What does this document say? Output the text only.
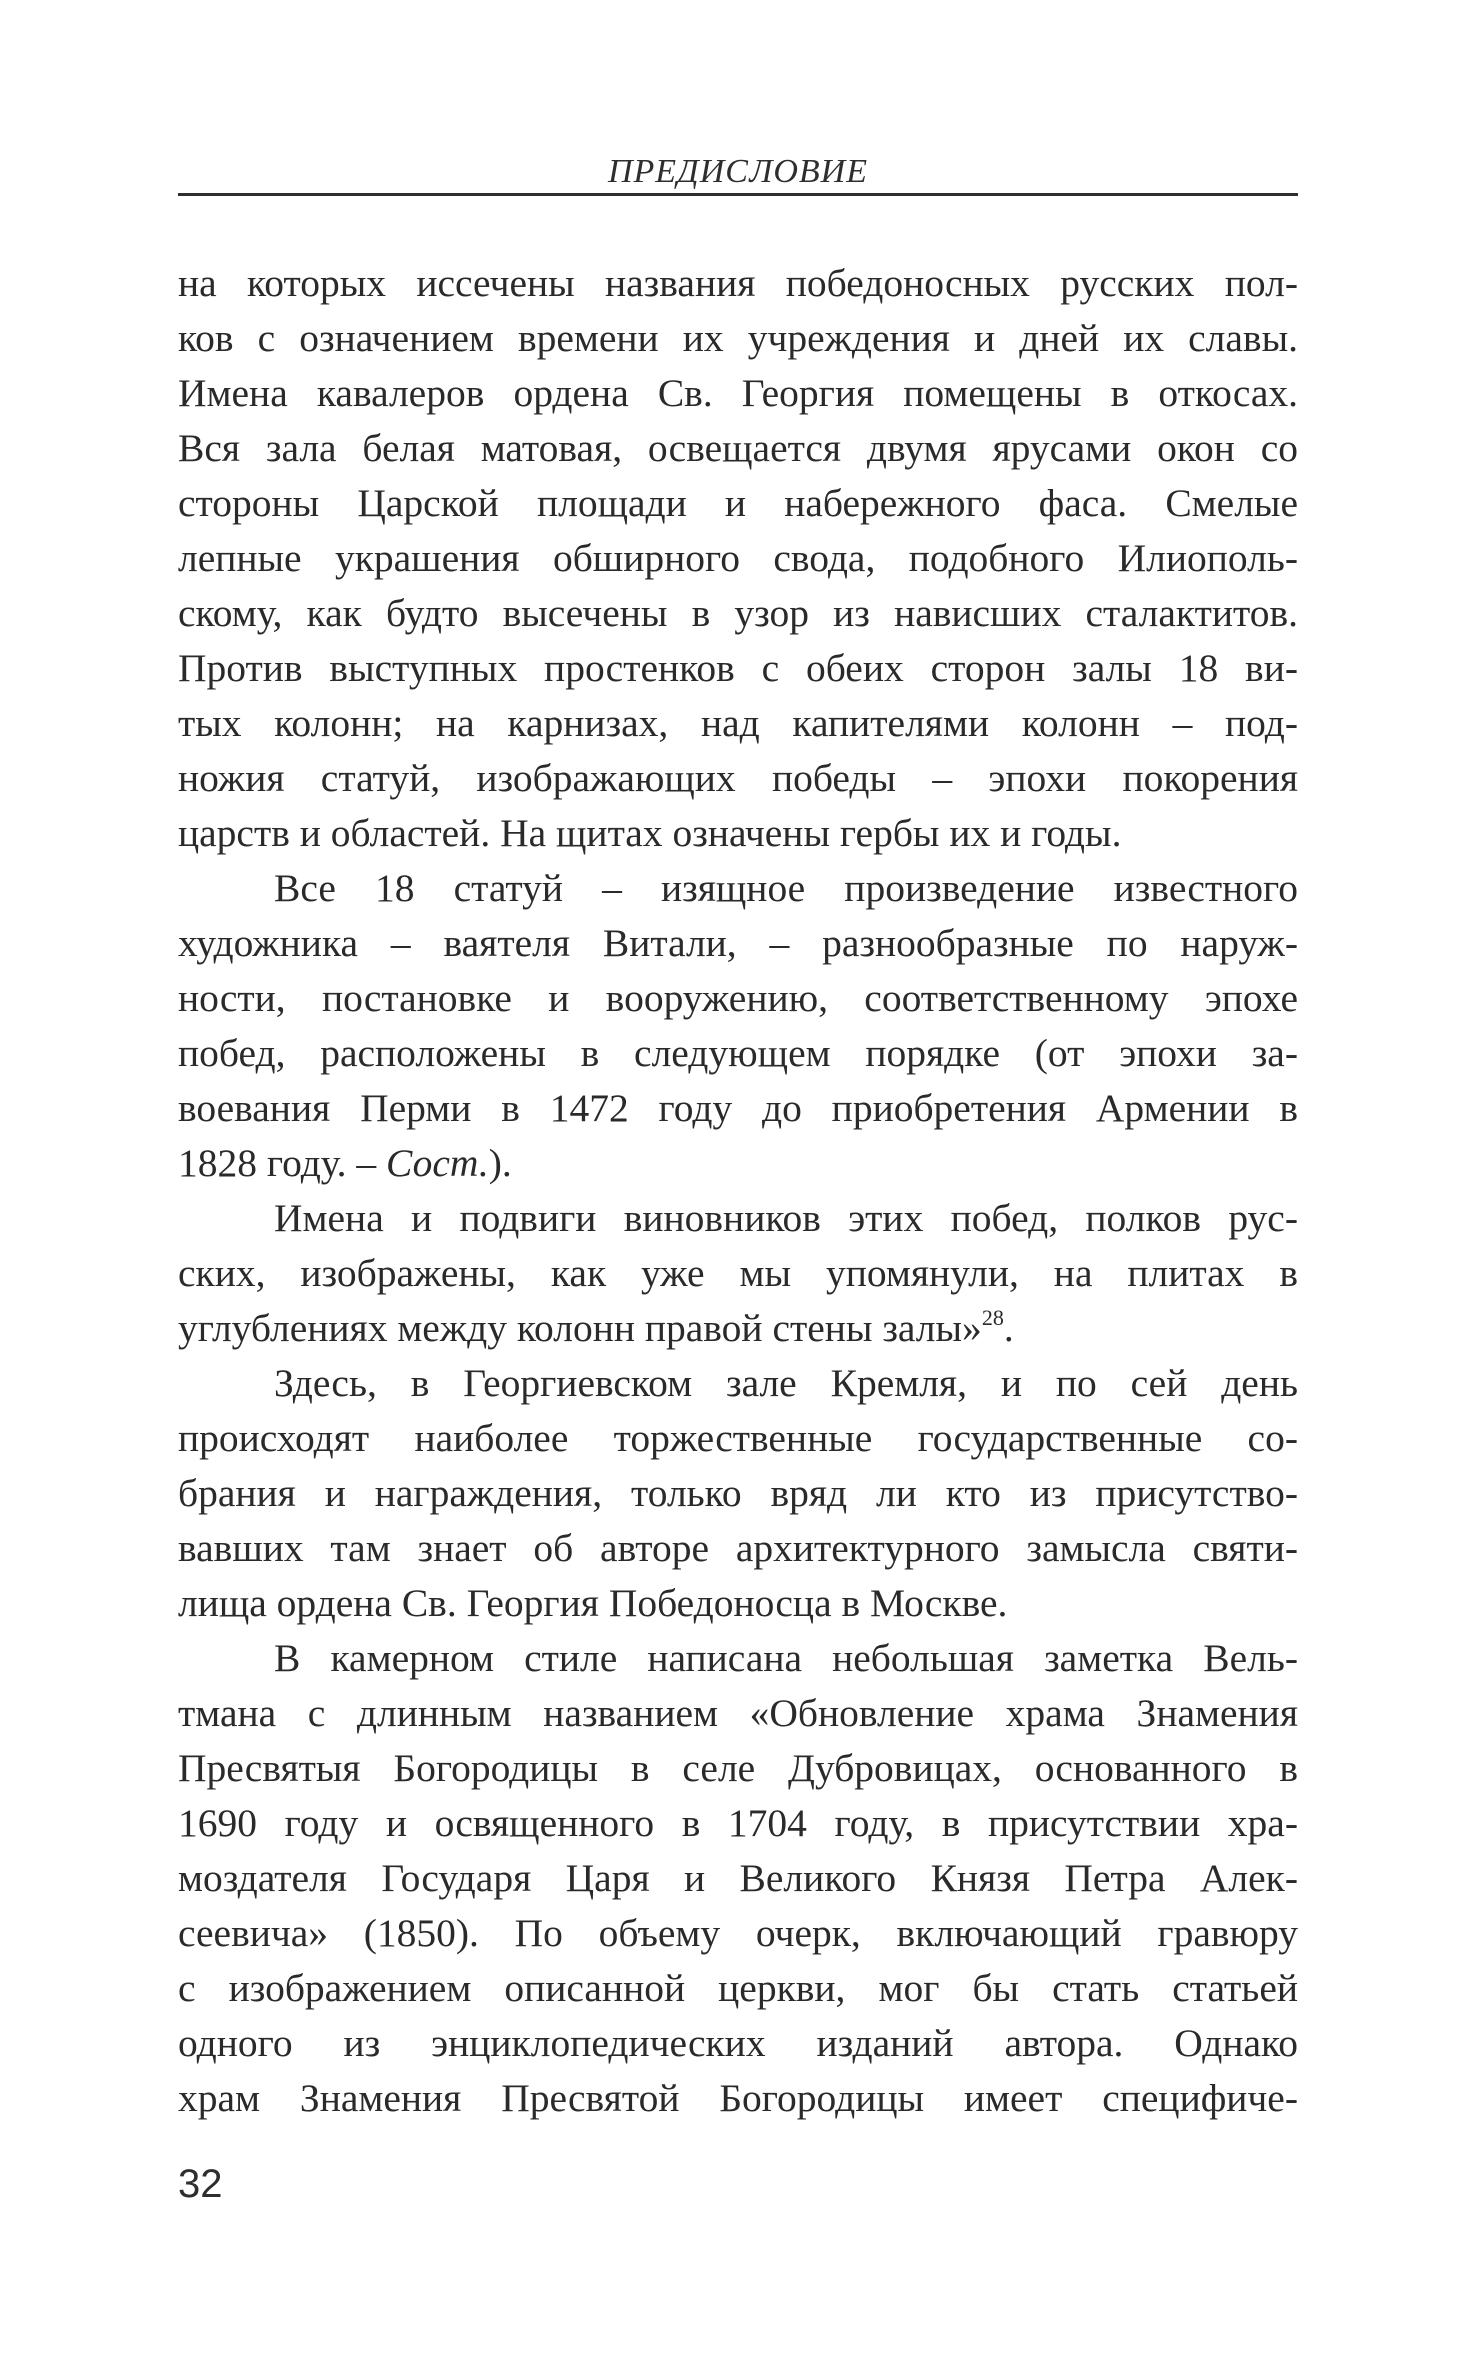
ПРЕДИСЛОВИЕ
на которых иссечены названия победоносных русских пол-
ков с означением времени их учреждения и дней их славы.
Имена кавалеров ордена Св. Георгия помещены в откосах.
Вся зала белая матовая, освещается двумя ярусами окон со
стороны Царской площади и набережного фаса. Смелые
лепные украшения обширного свода, подобного Илиополь-
скому, как будто высечены в узор из нависших сталактитов.
Против выступных простенков с обеих сторон залы 18 ви-
тых колонн; на карнизах, над капителями колонн – под-
ножия статуй, изображающих победы – эпохи покорения
царств и областей. На щитах означены гербы их и годы.
Все 18 статуй – изящное произведение известного
художника – ваятеля Витали, – разнообразные по наруж-
ности, постановке и вооружению, соответственному эпохе
побед, расположены в следующем порядке (от эпохи за-
воевания Перми в 1472 году до приобретения Армении в
1828 году. – Сост.).
Имена и подвиги виновников этих побед, полков рус-
ских, изображены, как уже мы упомянули, на плитах в
углублениях между колонн правой стены залы»$^{28}$.
Здесь, в Георгиевском зале Кремля, и по сей день
происходят наиболее торжественные государственные со-
брания и награждения, только вряд ли кто из присутство-
вавших там знает об авторе архитектурного замысла святи-
лища ордена Св. Георгия Победоносца в Москве.
В камерном стиле написана небольшая заметка Вель-
тмана с длинным названием «Обновление храма Знамения
Пресвятыя Богородицы в селе Дубровицах, основанного в
1690 году и освященного в 1704 году, в присутствии хра-
моздателя Государя Царя и Великого Князя Петра Алек-
сеевича» (1850). По объему очерк, включающий гравюру
с изображением описанной церкви, мог бы стать статьей
одного из энциклопедических изданий автора. Однако
храм Знамения Пресвятой Богородицы имеет специфиче-
32
